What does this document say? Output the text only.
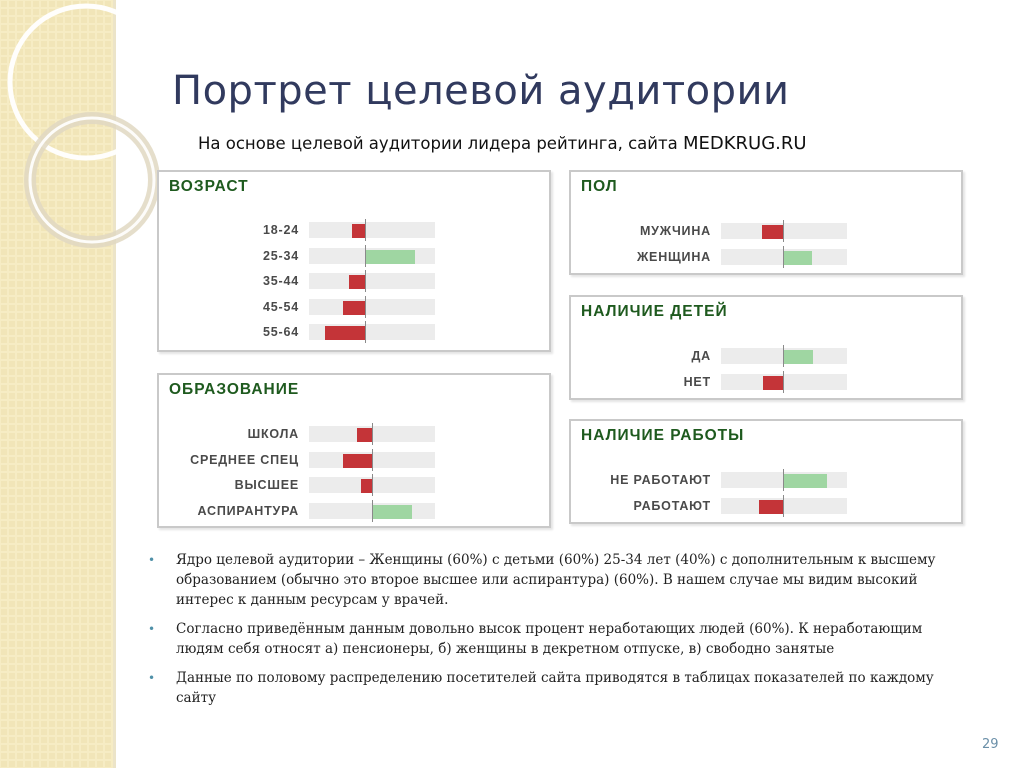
Портрет целевой аудитории
На основе целевой аудитории лидера рейтинга, сайта MEDKRUG.RU
ВОЗРАСТ
18-24
25-34
35-44
45-54
55-64
ОБРАЗОВАНИЕ
ШКОЛА
СРЕДНЕЕ СПЕЦ
ВЫСШЕЕ
АСПИРАНТУРА
ПОЛ
МУЖЧИНА
ЖЕНЩИНА
НАЛИЧИЕ ДЕТЕЙ
ДА
НЕТ
НАЛИЧИЕ РАБОТЫ
НЕ РАБОТАЮТ
РАБОТАЮТ
• Ядро целевой аудитории – Женщины (60%) с детьми (60%) 25-34 лет (40%) с дополнительным к высшему образованием (обычно это второе высшее или аспирантура) (60%). В нашем случае мы видим высокий интерес к данным ресурсам у врачей.
• Согласно приведённым данным довольно высок процент неработающих людей (60%). К неработающим людям себя относят а) пенсионеры, б) женщины в декретном отпуске, в) свободно занятые
• Данные по половому распределению посетителей сайта приводятся в таблицах показателей по каждому сайту
29
